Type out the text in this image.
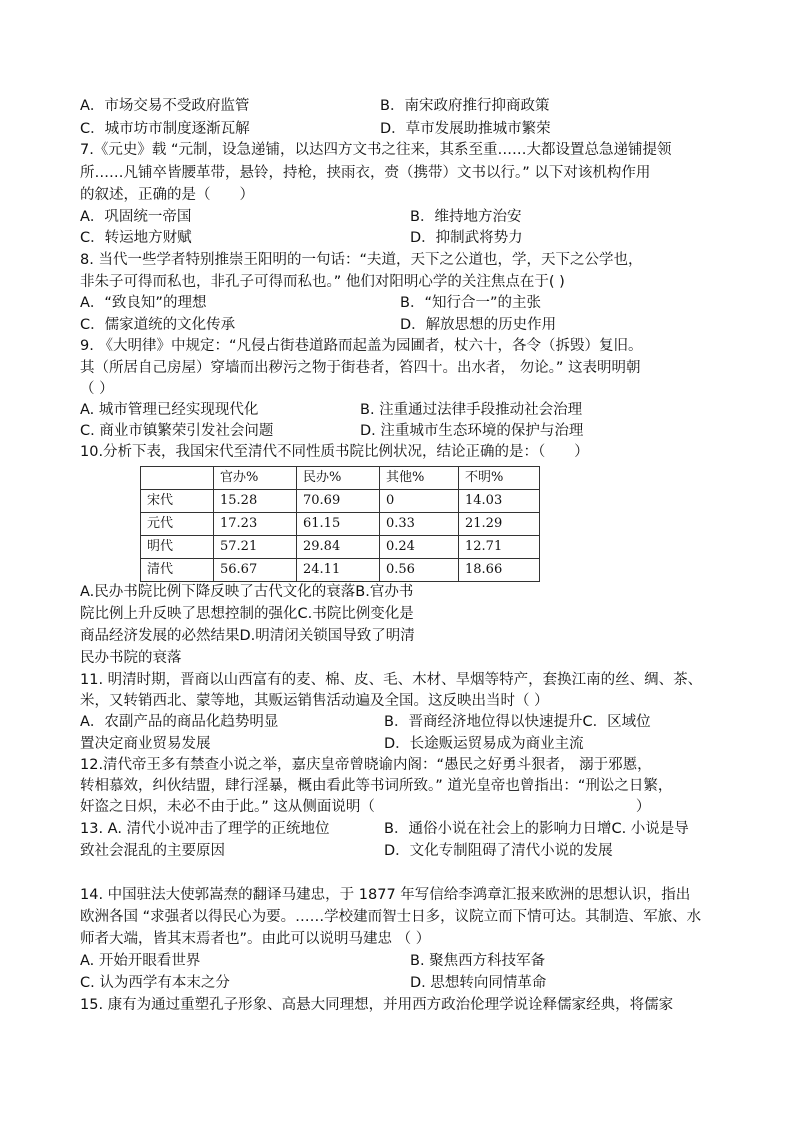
A．市场交易不受政府监管	B．南宋政府推行抑商政策
C．城市坊市制度逐渐瓦解	D．草市发展助推城市繁荣
7.《元史》载 “元制，设急递铺，以达四方文书之往来，其系至重……大都设置总急递铺提领
所……凡铺卒皆腰革带，悬铃，持枪，挟雨衣，赍（携带）文书以行。” 以下对该机构作用
的叙述，正确的是（　　）
A．巩固统一帝国	B．维持地方治安
C．转运地方财赋	D．抑制武将势力
8. 当代一些学者特别推崇王阳明的一句话：“夫道，天下之公道也，学，天下之公学也，
非朱子可得而私也，非孔子可得而私也。” 他们对阳明心学的关注焦点在于( )
A．“致良知”的理想	B．“知行合一”的主张
C．儒家道统的文化传承	D．解放思想的历史作用
9. 《大明律》中规定：“凡侵占街巷道路而起盖为园圃者，杖六十，各令（拆毁）复旧。
其（所居自己房屋）穿墙而出秽污之物于街巷者，笞四十。出水者， 勿论。” 这表明明朝
（ ）
A. 城市管理已经实现现代化	B. 注重通过法律手段推动社会治理
C. 商业市镇繁荣引发社会问题	D. 注重城市生态环境的保护与治理
10.分析下表，我国宋代至清代不同性质书院比例状况，结论正确的是：（　　）
	官办%	民办%	其他%	不明%
宋代	15.28	70.69	0	14.03
元代	17.23	61.15	0.33	21.29
明代	57.21	29.84	0.24	12.71
清代	56.67	24.11	0.56	18.66
A.民办书院比例下降反映了古代文化的衰落B.官办书
院比例上升反映了思想控制的强化C.书院比例变化是
商品经济发展的必然结果D.明清闭关锁国导致了明清
民办书院的衰落
11. 明清时期，晋商以山西富有的麦、棉、皮、毛、木材、旱烟等特产，套换江南的丝、绸、茶、
米，又转销西北、蒙等地，其贩运销售活动遍及全国。这反映出当时（ ）
A．农副产品的商品化趋势明显	B．晋商经济地位得以快速提升C．区域位
置决定商业贸易发展	D．长途贩运贸易成为商业主流
12.清代帝王多有禁查小说之举，嘉庆皇帝曾晓谕内阁：“愚民之好勇斗狠者， 溺于邪慝，
转相慕效，纠伙结盟，肆行淫暴，概由看此等书词所致。” 道光皇帝也曾指出：“刑讼之日繁，
奸盗之日炽，未必不由于此。” 这从侧面说明（　　　　　　　　　　　　　　　　　　）
13. A. 清代小说冲击了理学的正统地位	B．通俗小说在社会上的影响力日增C. 小说是导
致社会混乱的主要原因	D．文化专制阻碍了清代小说的发展
14. 中国驻法大使郭嵩焘的翻译马建忠，于 1877 年写信给李鸿章汇报来欧洲的思想认识，指出
欧洲各国 “求强者以得民心为要。……学校建而智士日多，议院立而下情可达。其制造、军旅、水
师者大端，皆其末焉者也”。由此可以说明马建忠 （ ）
A. 开始开眼看世界	B. 聚焦西方科技军备
C. 认为西学有本末之分	D. 思想转向同情革命
15. 康有为通过重塑孔子形象、高悬大同理想，并用西方政治伦理学说诠释儒家经典，将儒家
